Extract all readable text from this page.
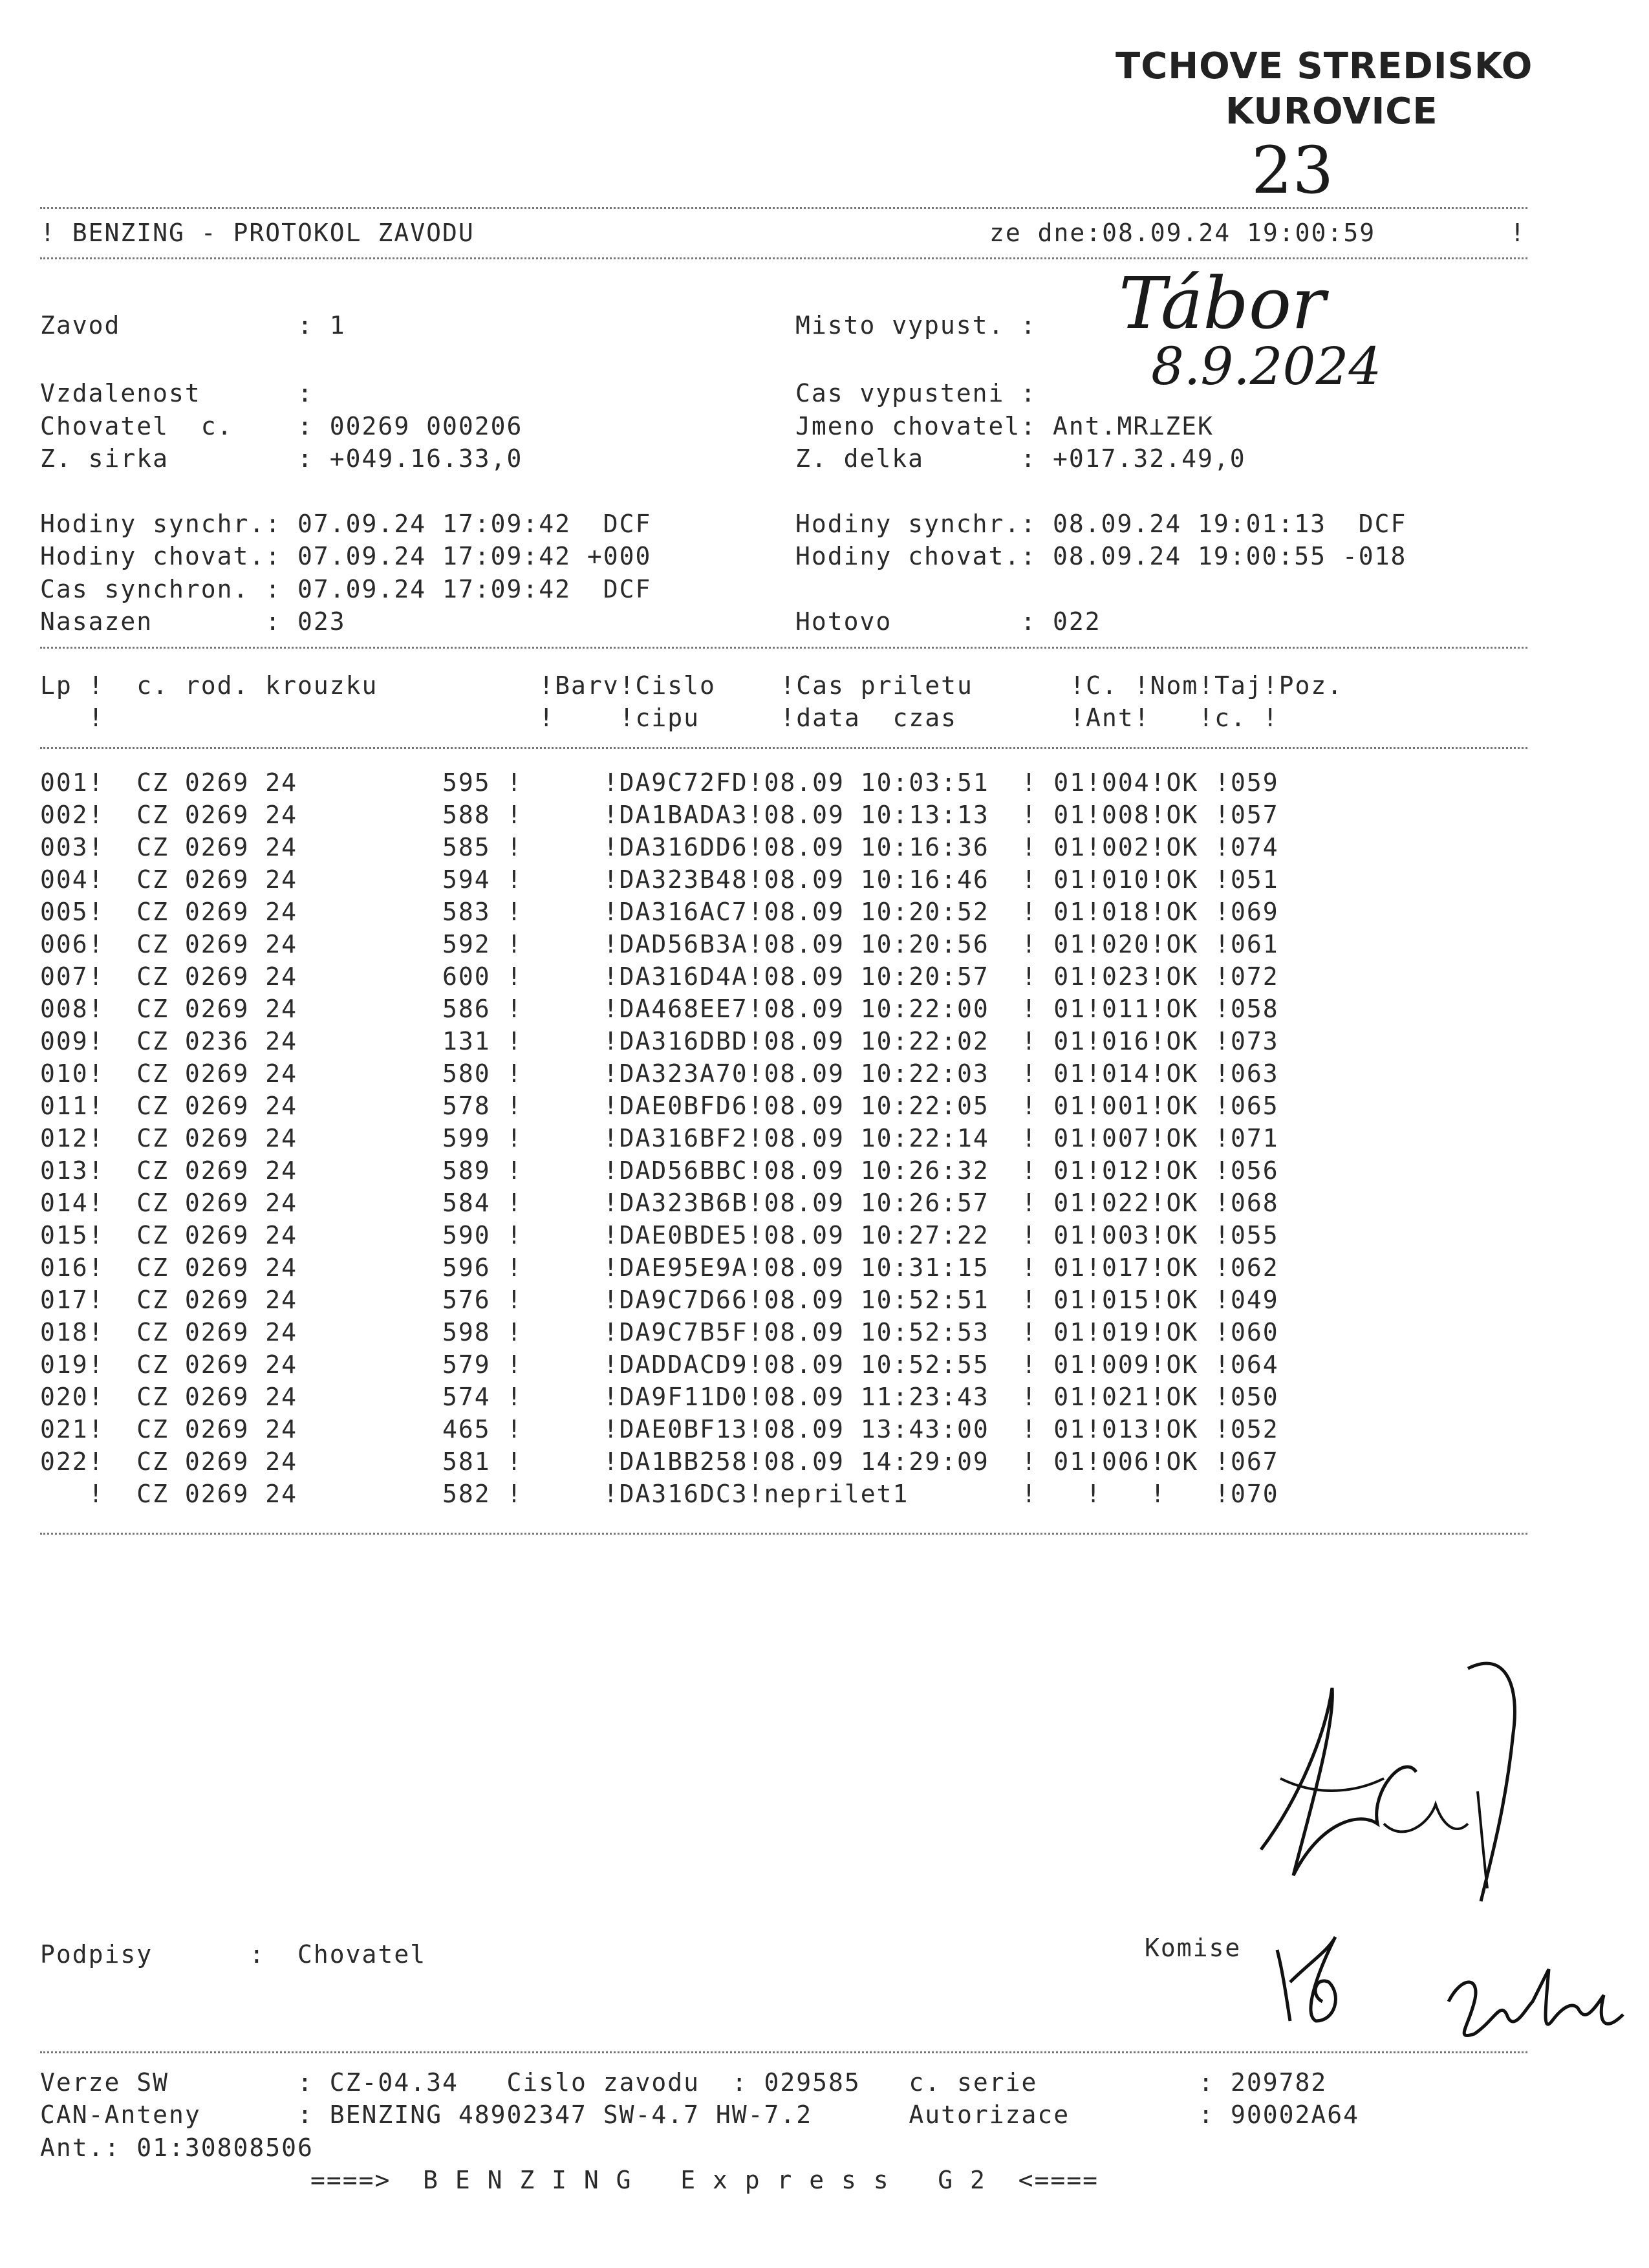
TCHOVE STREDISKO
KUROVICE
23
! BENZING - PROTOKOL ZAVODU	ze dne:08.09.24 19:00:59	!
Tábor
8.9.2024
Zavod           : 1	Misto vypust. :
Vzdalenost      :	Cas vypusteni :
Chovatel  c.    : 00269 000206	Jmeno chovatel: Ant.MR⊥ZEK
Z. sirka        : +049.16.33,0	Z. delka      : +017.32.49,0
Hodiny synchr.: 07.09.24 17:09:42  DCF	Hodiny synchr.: 08.09.24 19:01:13  DCF
Hodiny chovat.: 07.09.24 17:09:42 +000	Hodiny chovat.: 08.09.24 19:00:55 -018
Cas synchron. : 07.09.24 17:09:42  DCF
Nasazen       : 023	Hotovo        : 022
Lp !  c. rod. krouzku          !Barv!Cislo    !Cas priletu      !C. !Nom!Taj!Poz.
!                           !    !cipu     !data  czas       !Ant!   !c. !
001!  CZ 0269 24         595 !     !DA9C72FD!08.09 10:03:51  ! 01!004!OK !059
002!  CZ 0269 24         588 !     !DA1BADA3!08.09 10:13:13  ! 01!008!OK !057
003!  CZ 0269 24         585 !     !DA316DD6!08.09 10:16:36  ! 01!002!OK !074
004!  CZ 0269 24         594 !     !DA323B48!08.09 10:16:46  ! 01!010!OK !051
005!  CZ 0269 24         583 !     !DA316AC7!08.09 10:20:52  ! 01!018!OK !069
006!  CZ 0269 24         592 !     !DAD56B3A!08.09 10:20:56  ! 01!020!OK !061
007!  CZ 0269 24         600 !     !DA316D4A!08.09 10:20:57  ! 01!023!OK !072
008!  CZ 0269 24         586 !     !DA468EE7!08.09 10:22:00  ! 01!011!OK !058
009!  CZ 0236 24         131 !     !DA316DBD!08.09 10:22:02  ! 01!016!OK !073
010!  CZ 0269 24         580 !     !DA323A70!08.09 10:22:03  ! 01!014!OK !063
011!  CZ 0269 24         578 !     !DAE0BFD6!08.09 10:22:05  ! 01!001!OK !065
012!  CZ 0269 24         599 !     !DA316BF2!08.09 10:22:14  ! 01!007!OK !071
013!  CZ 0269 24         589 !     !DAD56BBC!08.09 10:26:32  ! 01!012!OK !056
014!  CZ 0269 24         584 !     !DA323B6B!08.09 10:26:57  ! 01!022!OK !068
015!  CZ 0269 24         590 !     !DAE0BDE5!08.09 10:27:22  ! 01!003!OK !055
016!  CZ 0269 24         596 !     !DAE95E9A!08.09 10:31:15  ! 01!017!OK !062
017!  CZ 0269 24         576 !     !DA9C7D66!08.09 10:52:51  ! 01!015!OK !049
018!  CZ 0269 24         598 !     !DA9C7B5F!08.09 10:52:53  ! 01!019!OK !060
019!  CZ 0269 24         579 !     !DADDACD9!08.09 10:52:55  ! 01!009!OK !064
020!  CZ 0269 24         574 !     !DA9F11D0!08.09 11:23:43  ! 01!021!OK !050
021!  CZ 0269 24         465 !     !DAE0BF13!08.09 13:43:00  ! 01!013!OK !052
022!  CZ 0269 24         581 !     !DA1BB258!08.09 14:29:09  ! 01!006!OK !067
!  CZ 0269 24         582 !     !DA316DC3!neprilet1       !   !   !   !070
Podpisy      :  Chovatel	Komise
Verze SW        : CZ-04.34   Cislo zavodu  : 029585   c. serie          : 209782
CAN-Anteny      : BENZING 48902347 SW-4.7 HW-7.2      Autorizace        : 90002A64
Ant.: 01:30808506
====>  B E N Z I N G   E x p r e s s   G 2  <====
